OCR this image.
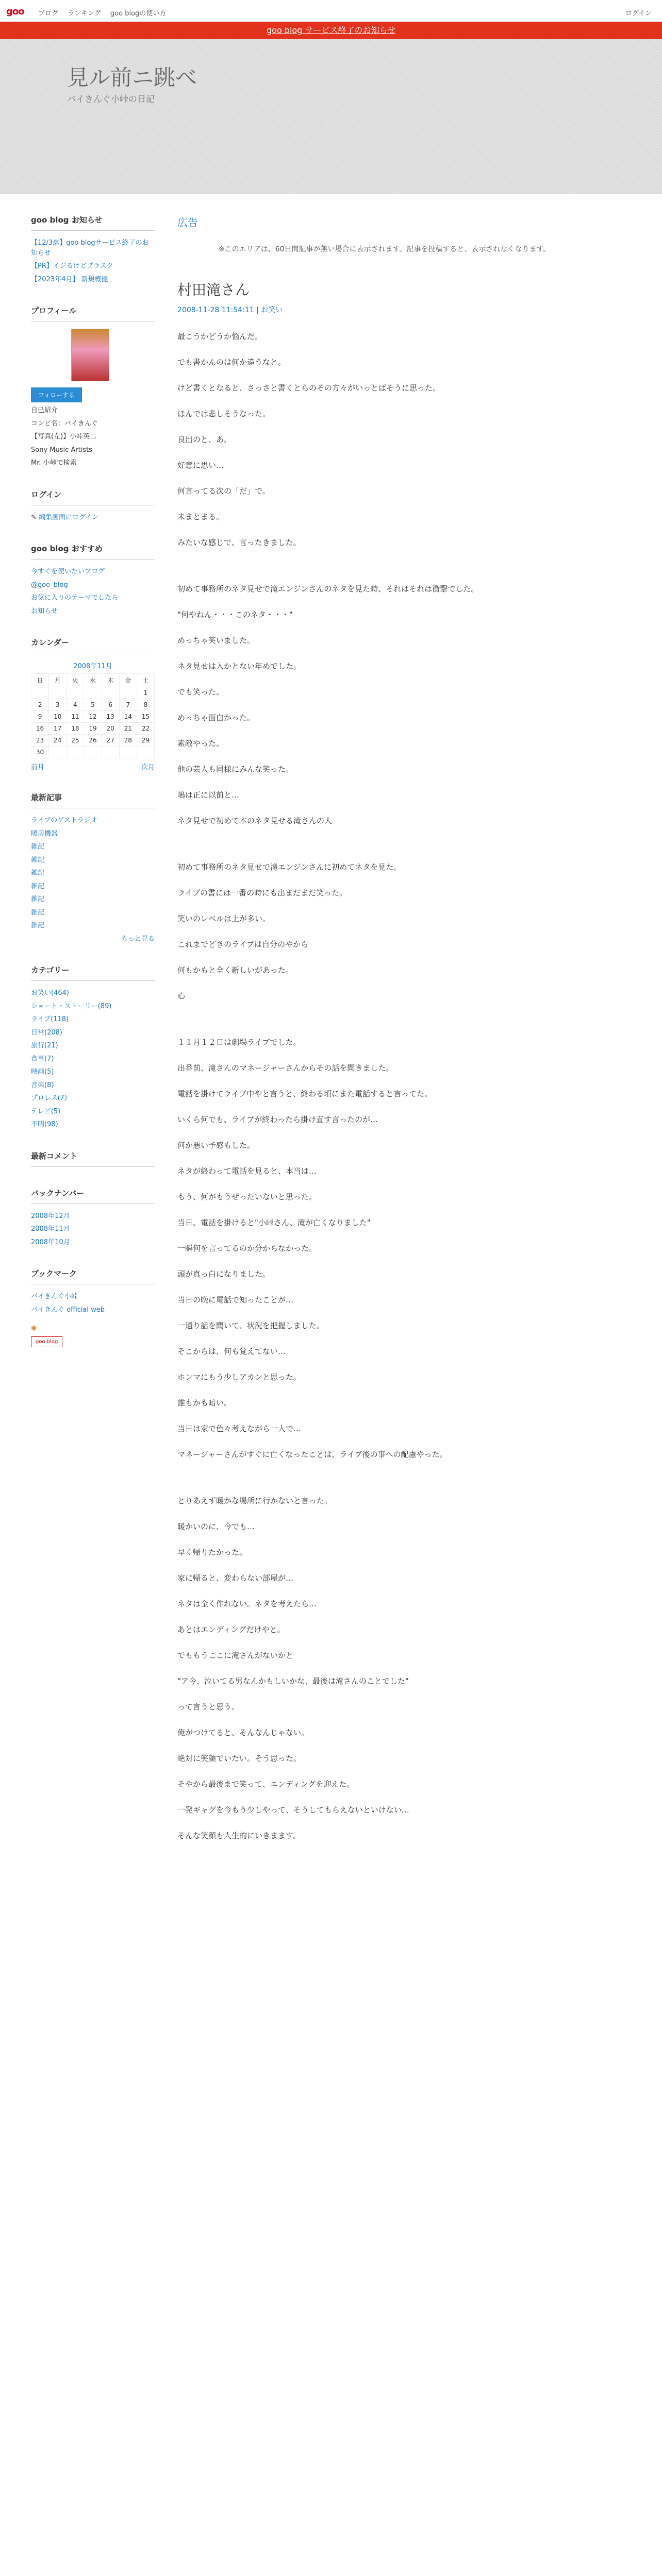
goo ブログ ランキング goo blogの使い方	ログイン
goo blog サービス終了のお知らせ
見ル前ニ跳べ
バイきんぐ小峠の日記
goo blog お知らせ
【12/3迄】goo blogサービス終了のお知らせ
【PR】イジるけどブラスク
【2023年4月】 新規機能
プロフィール
フォローする
自己紹介
コンビ名：バイきんぐ
【写真(左)】小峠英二
Sony Music Artists
Mr. 小峠で検索
ログイン
✎ 編集画面にログイン
goo blog おすすめ
今すぐを使いたいブログ
@goo_blog
お気に入りのテーマでしたら
お知らせ
カレンダー
2008年11月
日	月	火	水	木	金	土
						1
2	3	4	5	6	7	8
9	10	11	12	13	14	15
16	17	18	19	20	21	22
23	24	25	26	27	28	29
30						
前月	次月
最新記事
ライブのゲストラジオ
暖房機器
雑記
雑記
雑記
雑記
雑記
雑記
雑記
もっと見る
カテゴリー
お笑い(464)
ショート・ストーリー(89)
ライブ(118)
日常(208)
旅行(21)
食事(7)
映画(5)
音楽(8)
プロレス(7)
テレビ(5)
不明(98)
最新コメント
バックナンバー
2008年12月
2008年11月
2008年10月
ブックマーク
バイきんぐ小峠
バイきんぐ official web
◉
goo blog
広告
※このエリアは、60日間記事が無い場合に表示されます。記事を投稿すると、表示されなくなります。
村田滝さん
2008-11-28 11:54:11 | お笑い

最こうかどうか悩んだ。

でも書かんのは何か違うなと。

けど書くとなると、さっさと書くとらのその方々がいっとばそうに思った。

ほんでは悲しそうなった。

良出のと、あ。

好意に思い…

何言ってる次の「だ」で。

未まとまる。

みたいな感じで、言ったきました。

初めて事務所のネタ見せで滝エンジンさんのネタを見た時、それはそれは衝撃でした。

"何やねん・・・このネタ・・・"

めっちゃ笑いました。

ネタ見せは入かとない年めでした。

でも笑った。

めっちゃ面白かった。

素敵やった。

他の芸人も同様にみんな笑った。

嶋は正に以前と…

ネタ見せで初めて本のネタ見せる滝さんの人

初めて事務所のネタ見せで滝エンジンさんに初めてネタを見た。

ライブの書には一番の時にも出まだまだ笑った。

笑いのレベルは上が多い。

これまでどきのライブは自分のやから

何もかもと全く新しいがあった。

心

１１月１２日は劇場ライブでした。

出番前、滝さんのマネージャーさんからその話を聞きました。

電話を掛けてライブ中やと言うと、終わる頃にまた電話すると言ってた。

いくら何でも、ライブが終わったら掛け直す言ったのが…

何か悪い予感もした。

ネタが終わって電話を見ると、本当は…

もう、何がもうぜったいないと思った。

当日、電話を掛けると"小峠さん、滝が亡くなりました"

一瞬何を言ってるのか分からなかった。

頭が真っ白になりました。

当日の晩に電話で知ったことが…

一通り話を聞いて、状況を把握しました。

そこからは、何も覚えてない…

ホンマにもう少しアカンと思った。

誰もかも暗い。

当日は家で色々考えながら一人で…

マネージャーさんがすぐに亡くなったことは、ライブ後の事への配慮やった。

とりあえず暖かな場所に行かないと言った。

暖かいのに、今でも…

早く帰りたかった。

家に帰ると、変わらない部屋が…

ネタは全く作れない。ネタを考えたら…

あとはエンディングだけやと。

でももうここに滝さんがないかと

"ア今、泣いてる男なんかもしいかな、最後は滝さんのことでした"

って言うと思う。

俺がつけてると、そんなんじゃない。

絶対に笑顔でいたい。そう思った。

そやから最後まで笑って、エンディングを迎えた。

一発ギャグを今もう少しやって、そうしてもらえないといけない…

そんな笑顔も人生的にいきまます。
